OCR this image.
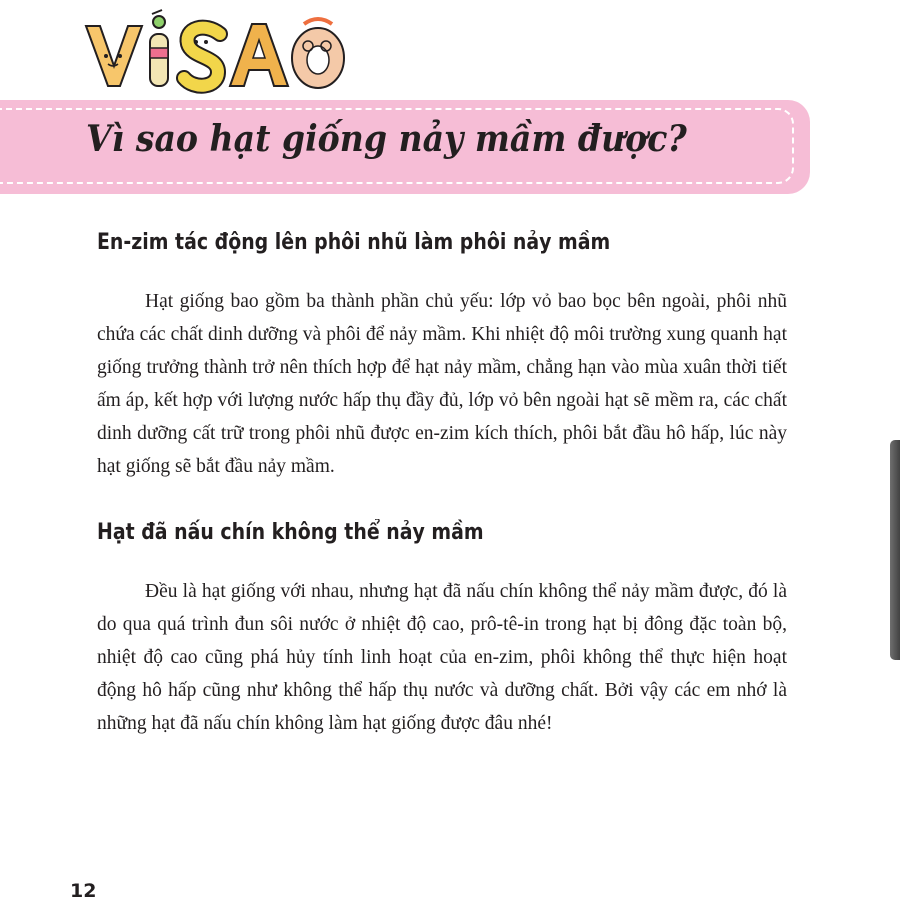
Vì sao hạt giống nảy mầm được?
En-zim tác động lên phôi nhũ làm phôi nảy mầm

Hạt giống bao gồm ba thành phần chủ yếu: lớp vỏ bao bọc bên ngoài, phôi nhũ chứa các chất dinh dưỡng và phôi để nảy mầm. Khi nhiệt độ môi trường xung quanh hạt giống trưởng thành trở nên thích hợp để hạt nảy mầm, chẳng hạn vào mùa xuân thời tiết ấm áp, kết hợp với lượng nước hấp thụ đầy đủ, lớp vỏ bên ngoài hạt sẽ mềm ra, các chất dinh dưỡng cất trữ trong phôi nhũ được en-zim kích thích, phôi bắt đầu hô hấp, lúc này hạt giống sẽ bắt đầu nảy mầm.

Hạt đã nấu chín không thể nảy mầm

Đều là hạt giống với nhau, nhưng hạt đã nấu chín không thể nảy mầm được, đó là do qua quá trình đun sôi nước ở nhiệt độ cao, prô-tê-in trong hạt bị đông đặc toàn bộ, nhiệt độ cao cũng phá hủy tính linh hoạt của en-zim, phôi không thể thực hiện hoạt động hô hấp cũng như không thể hấp thụ nước và dưỡng chất. Bởi vậy các em nhớ là những hạt đã nấu chín không làm hạt giống được đâu nhé!

12
